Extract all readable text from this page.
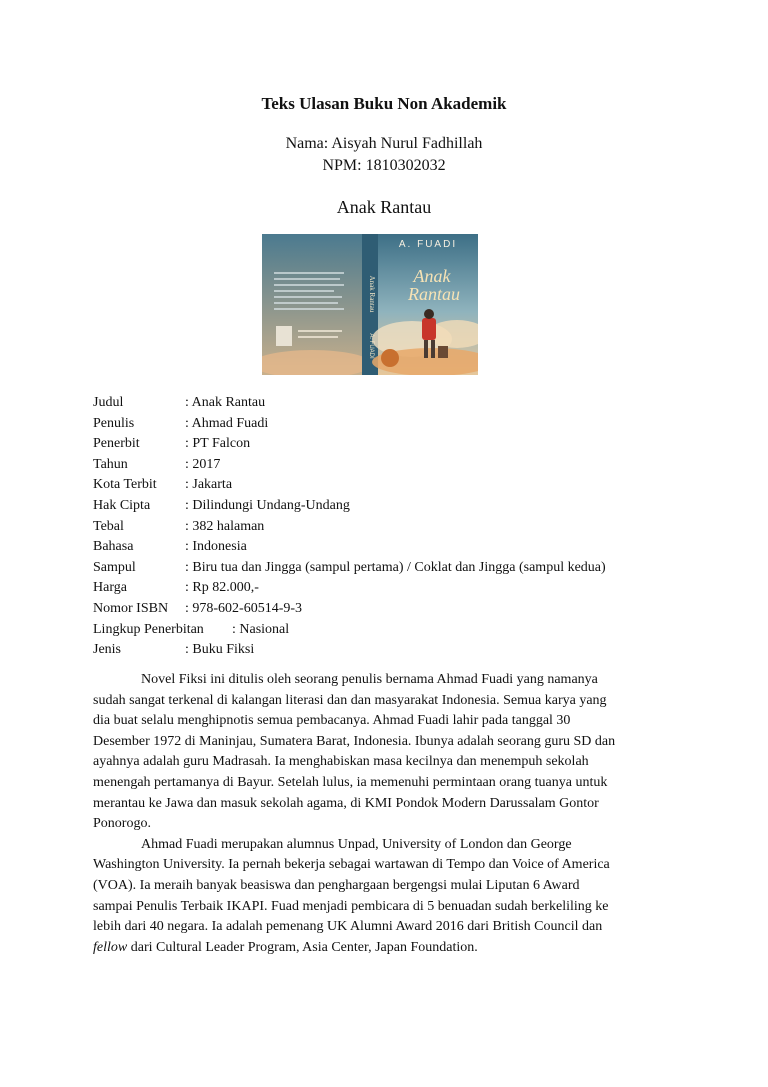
Teks Ulasan Buku Non Akademik
Nama: Aisyah Nurul Fadhillah
NPM: 1810302032
Anak Rantau
Anak Rantau
A. FUADI
A. FUADI
Anak
Rantau
Judul	: Anak Rantau
Penulis	: Ahmad Fuadi
Penerbit	: PT Falcon
Tahun	: 2017
Kota Terbit : Jakarta
Hak Cipta : Dilindungi Undang-Undang
Tebal	: 382 halaman
Bahasa	: Indonesia
Sampul	: Biru tua dan Jingga (sampul pertama) / Coklat dan Jingga (sampul kedua)
Harga	: Rp 82.000,-
Nomor ISBN : 978-602-60514-9-3
Lingkup Penerbitan : Nasional
Jenis	: Buku Fiksi
Novel Fiksi ini ditulis oleh seorang penulis bernama Ahmad Fuadi yang namanya
sudah sangat terkenal di kalangan literasi dan dan masyarakat Indonesia. Semua karya yang
dia buat selalu menghipnotis semua pembacanya. Ahmad Fuadi lahir pada tanggal 30
Desember 1972 di Maninjau, Sumatera Barat, Indonesia. Ibunya adalah seorang guru SD dan
ayahnya adalah guru Madrasah. Ia menghabiskan masa kecilnya dan menempuh sekolah
menengah pertamanya di Bayur. Setelah lulus, ia memenuhi permintaan orang tuanya untuk
merantau ke Jawa dan masuk sekolah agama, di KMI Pondok Modern Darussalam Gontor
Ponorogo.
Ahmad Fuadi merupakan alumnus Unpad, University of London dan George
Washington University. Ia pernah bekerja sebagai wartawan di Tempo dan Voice of America
(VOA). Ia meraih banyak beasiswa dan penghargaan bergengsi mulai Liputan 6 Award
sampai Penulis Terbaik IKAPI. Fuad menjadi pembicara di 5 benuadan sudah berkeliling ke
lebih dari 40 negara. Ia adalah pemenang UK Alumni Award 2016 dari British Council dan
fellow dari Cultural Leader Program, Asia Center, Japan Foundation.
